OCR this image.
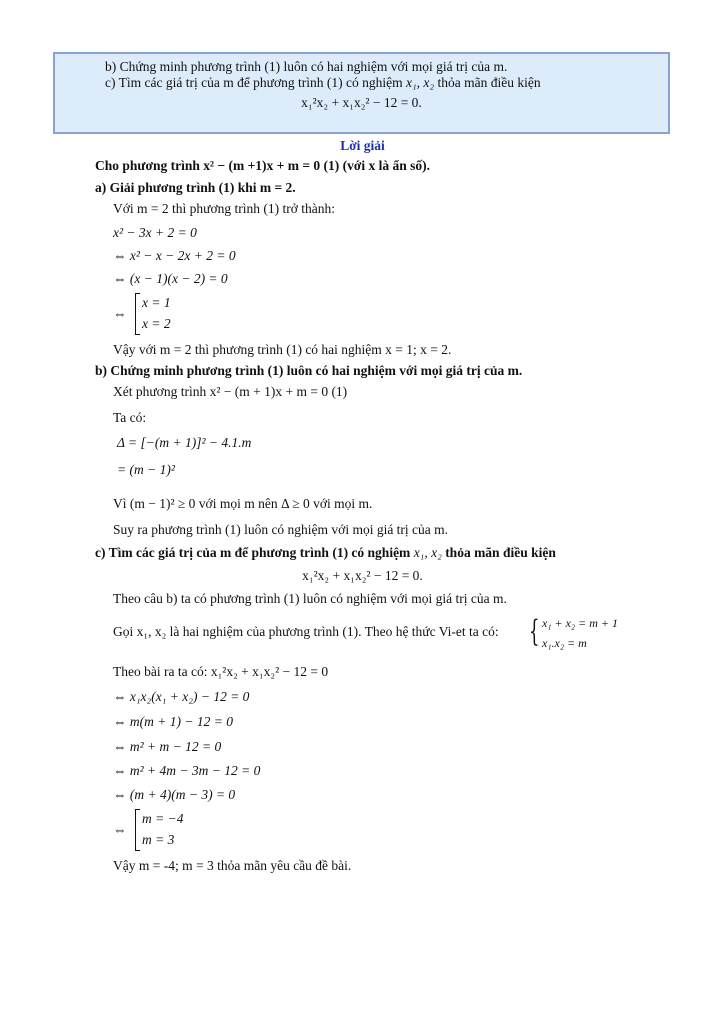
b) Chứng minh phương trình (1) luôn có hai nghiệm với mọi giá trị của m.
c) Tìm các giá trị của m để phương trình (1) có nghiệm x₁, x₂ thỏa mãn điều kiện
x₁²x₂ + x₁x₂² − 12 = 0.
Lời giải
Cho phương trình x² − (m +1)x + m = 0 (1) (với x là ẩn số).
a) Giải phương trình (1) khi m = 2.
Với m = 2 thì phương trình (1) trở thành:
x² − 3x + 2 = 0
⇔ x² − x − 2x + 2 = 0
⇔ (x − 1)(x − 2) = 0
⇔
x = 1
x = 2
Vậy với m = 2 thì phương trình (1) có hai nghiệm x = 1; x = 2.
b) Chứng minh phương trình (1) luôn có hai nghiệm với mọi giá trị của m.
Xét phương trình x² − (m + 1)x + m = 0 (1)
Ta có:
Δ = [−(m + 1)]² − 4.1.m
= (m − 1)²
Vì (m − 1)² ≥ 0 với mọi m nên Δ ≥ 0 với mọi m.
Suy ra phương trình (1) luôn có nghiệm với mọi giá trị của m.
c) Tìm các giá trị của m để phương trình (1) có nghiệm x₁, x₂ thỏa mãn điều kiện
x₁²x₂ + x₁x₂² − 12 = 0.
Theo câu b) ta có phương trình (1) luôn có nghiệm với mọi giá trị của m.
Gọi x₁, x₂ là hai nghiệm của phương trình (1). Theo hệ thức Vi-et ta có: { x₁ + x₂ = m + 1
x₁.x₂ = m
Theo bài ra ta có: x₁²x₂ + x₁x₂² − 12 = 0
⇔ x₁x₂(x₁ + x₂) − 12 = 0
⇔ m(m + 1) − 12 = 0
⇔ m² + m − 12 = 0
⇔ m² + 4m − 3m − 12 = 0
⇔ (m + 4)(m − 3) = 0
⇔
m = −4
m = 3
Vậy m = -4; m = 3 thỏa mãn yêu cầu đề bài.
